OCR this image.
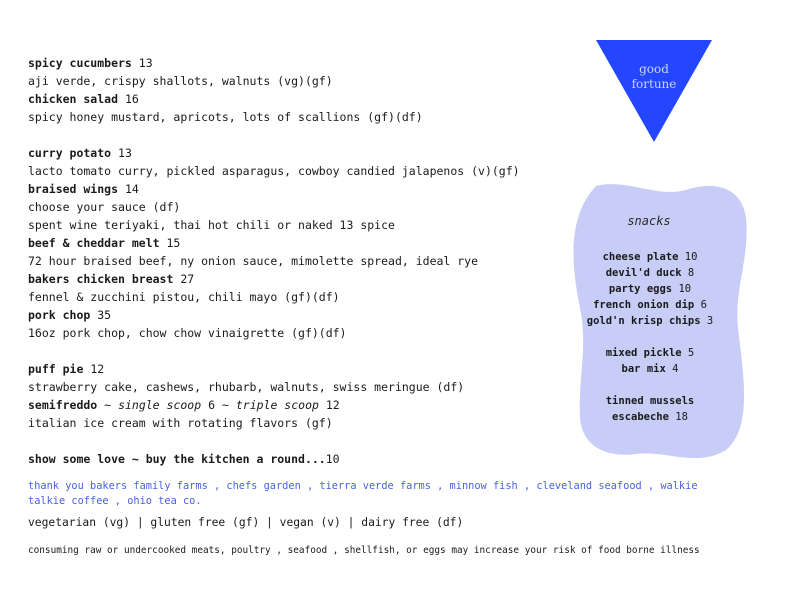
good
fortune
spicy cucumbers 13
aji verde, crispy shallots, walnuts (vg)(gf)
chicken salad 16
spicy honey mustard, apricots, lots of scallions (gf)(df)
curry potato 13
lacto tomato curry, pickled asparagus, cowboy candied jalapenos (v)(gf)
braised wings 14
choose your sauce (df)
spent wine teriyaki, thai hot chili or naked 13 spice
beef & cheddar melt 15
72 hour braised beef, ny onion sauce, mimolette spread, ideal rye
bakers chicken breast 27
fennel & zucchini pistou, chili mayo (gf)(df)
pork chop 35
16oz pork chop, chow chow vinaigrette (gf)(df)
puff pie 12
strawberry cake, cashews, rhubarb, walnuts, swiss meringue (df)
semifreddo ~ single scoop 6 ~ triple scoop 12
italian ice cream with rotating flavors (gf)
show some love ~ buy the kitchen a round...10
thank you bakers family farms , chefs garden , tierra verde farms , minnow fish , cleveland seafood , walkie talkie coffee , ohio tea co.
vegetarian (vg) | gluten free (gf) | vegan (v) | dairy free (df)
consuming raw or undercooked meats, poultry , seafood , shellfish, or eggs may increase your risk of food borne illness
snacks
cheese plate 10
devil'd duck 8
party eggs 10
french onion dip 6
gold'n krisp chips 3
mixed pickle 5
bar mix 4
tinned mussels
escabeche 18
